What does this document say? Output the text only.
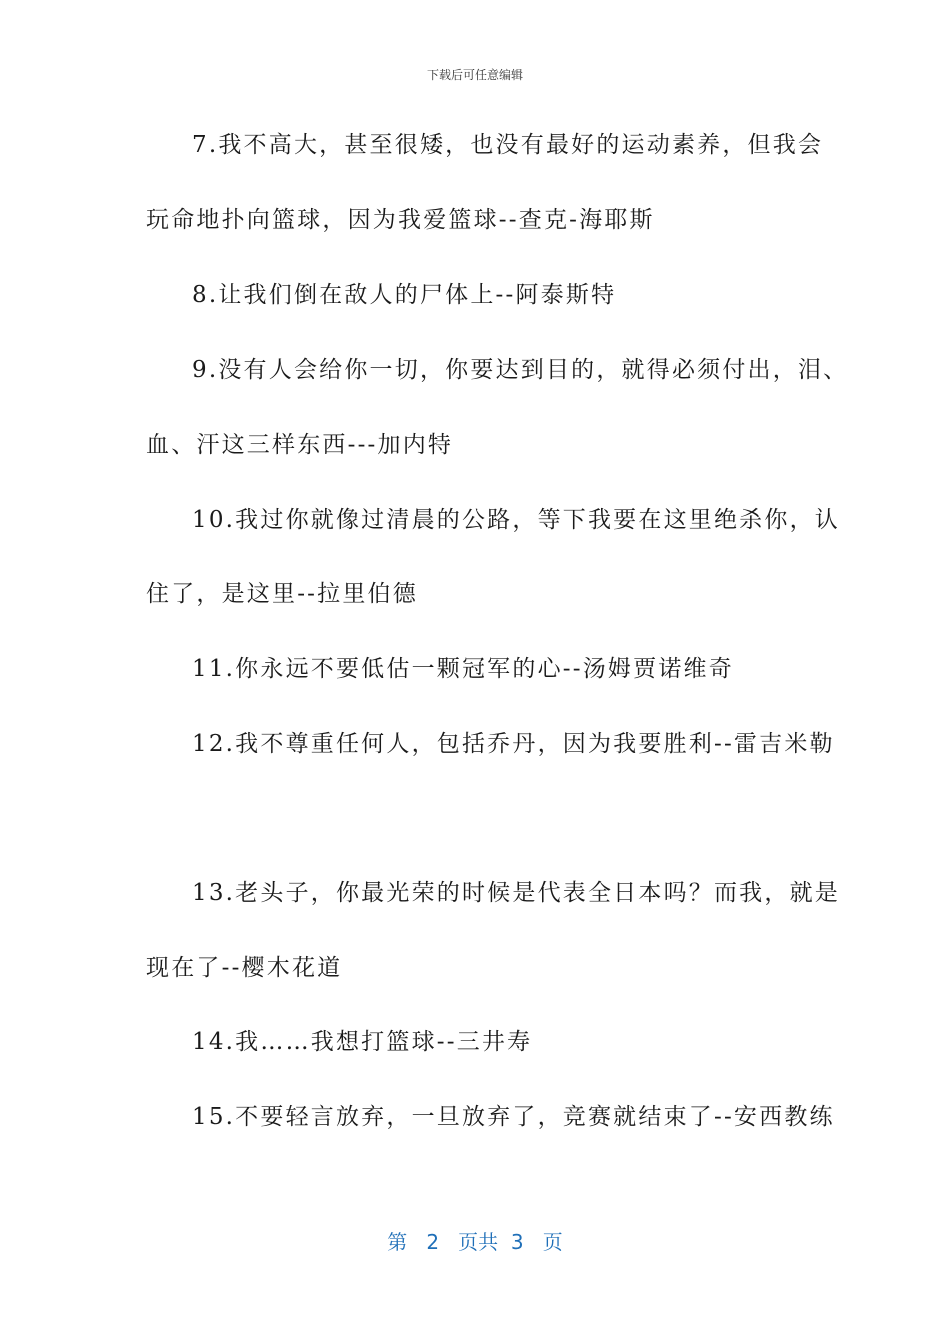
下载后可任意编辑
7.我不高大，甚至很矮，也没有最好的运动素养，但我会
玩命地扑向篮球，因为我爱篮球--查克-海耶斯
8.让我们倒在敌人的尸体上--阿泰斯特
9.没有人会给你一切，你要达到目的，就得必须付出，泪、
血、汗这三样东西---加内特
10.我过你就像过清晨的公路，等下我要在这里绝杀你，认
住了，是这里--拉里伯德
11.你永远不要低估一颗冠军的心--汤姆贾诺维奇
12.我不尊重任何人，包括乔丹，因为我要胜利--雷吉米勒
13.老头子，你最光荣的时候是代表全日本吗？而我，就是
现在了--樱木花道
14.我……我想打篮球--三井寿
15.不要轻言放弃，一旦放弃了，竞赛就结束了--安西教练
第 2 页共 3 页
